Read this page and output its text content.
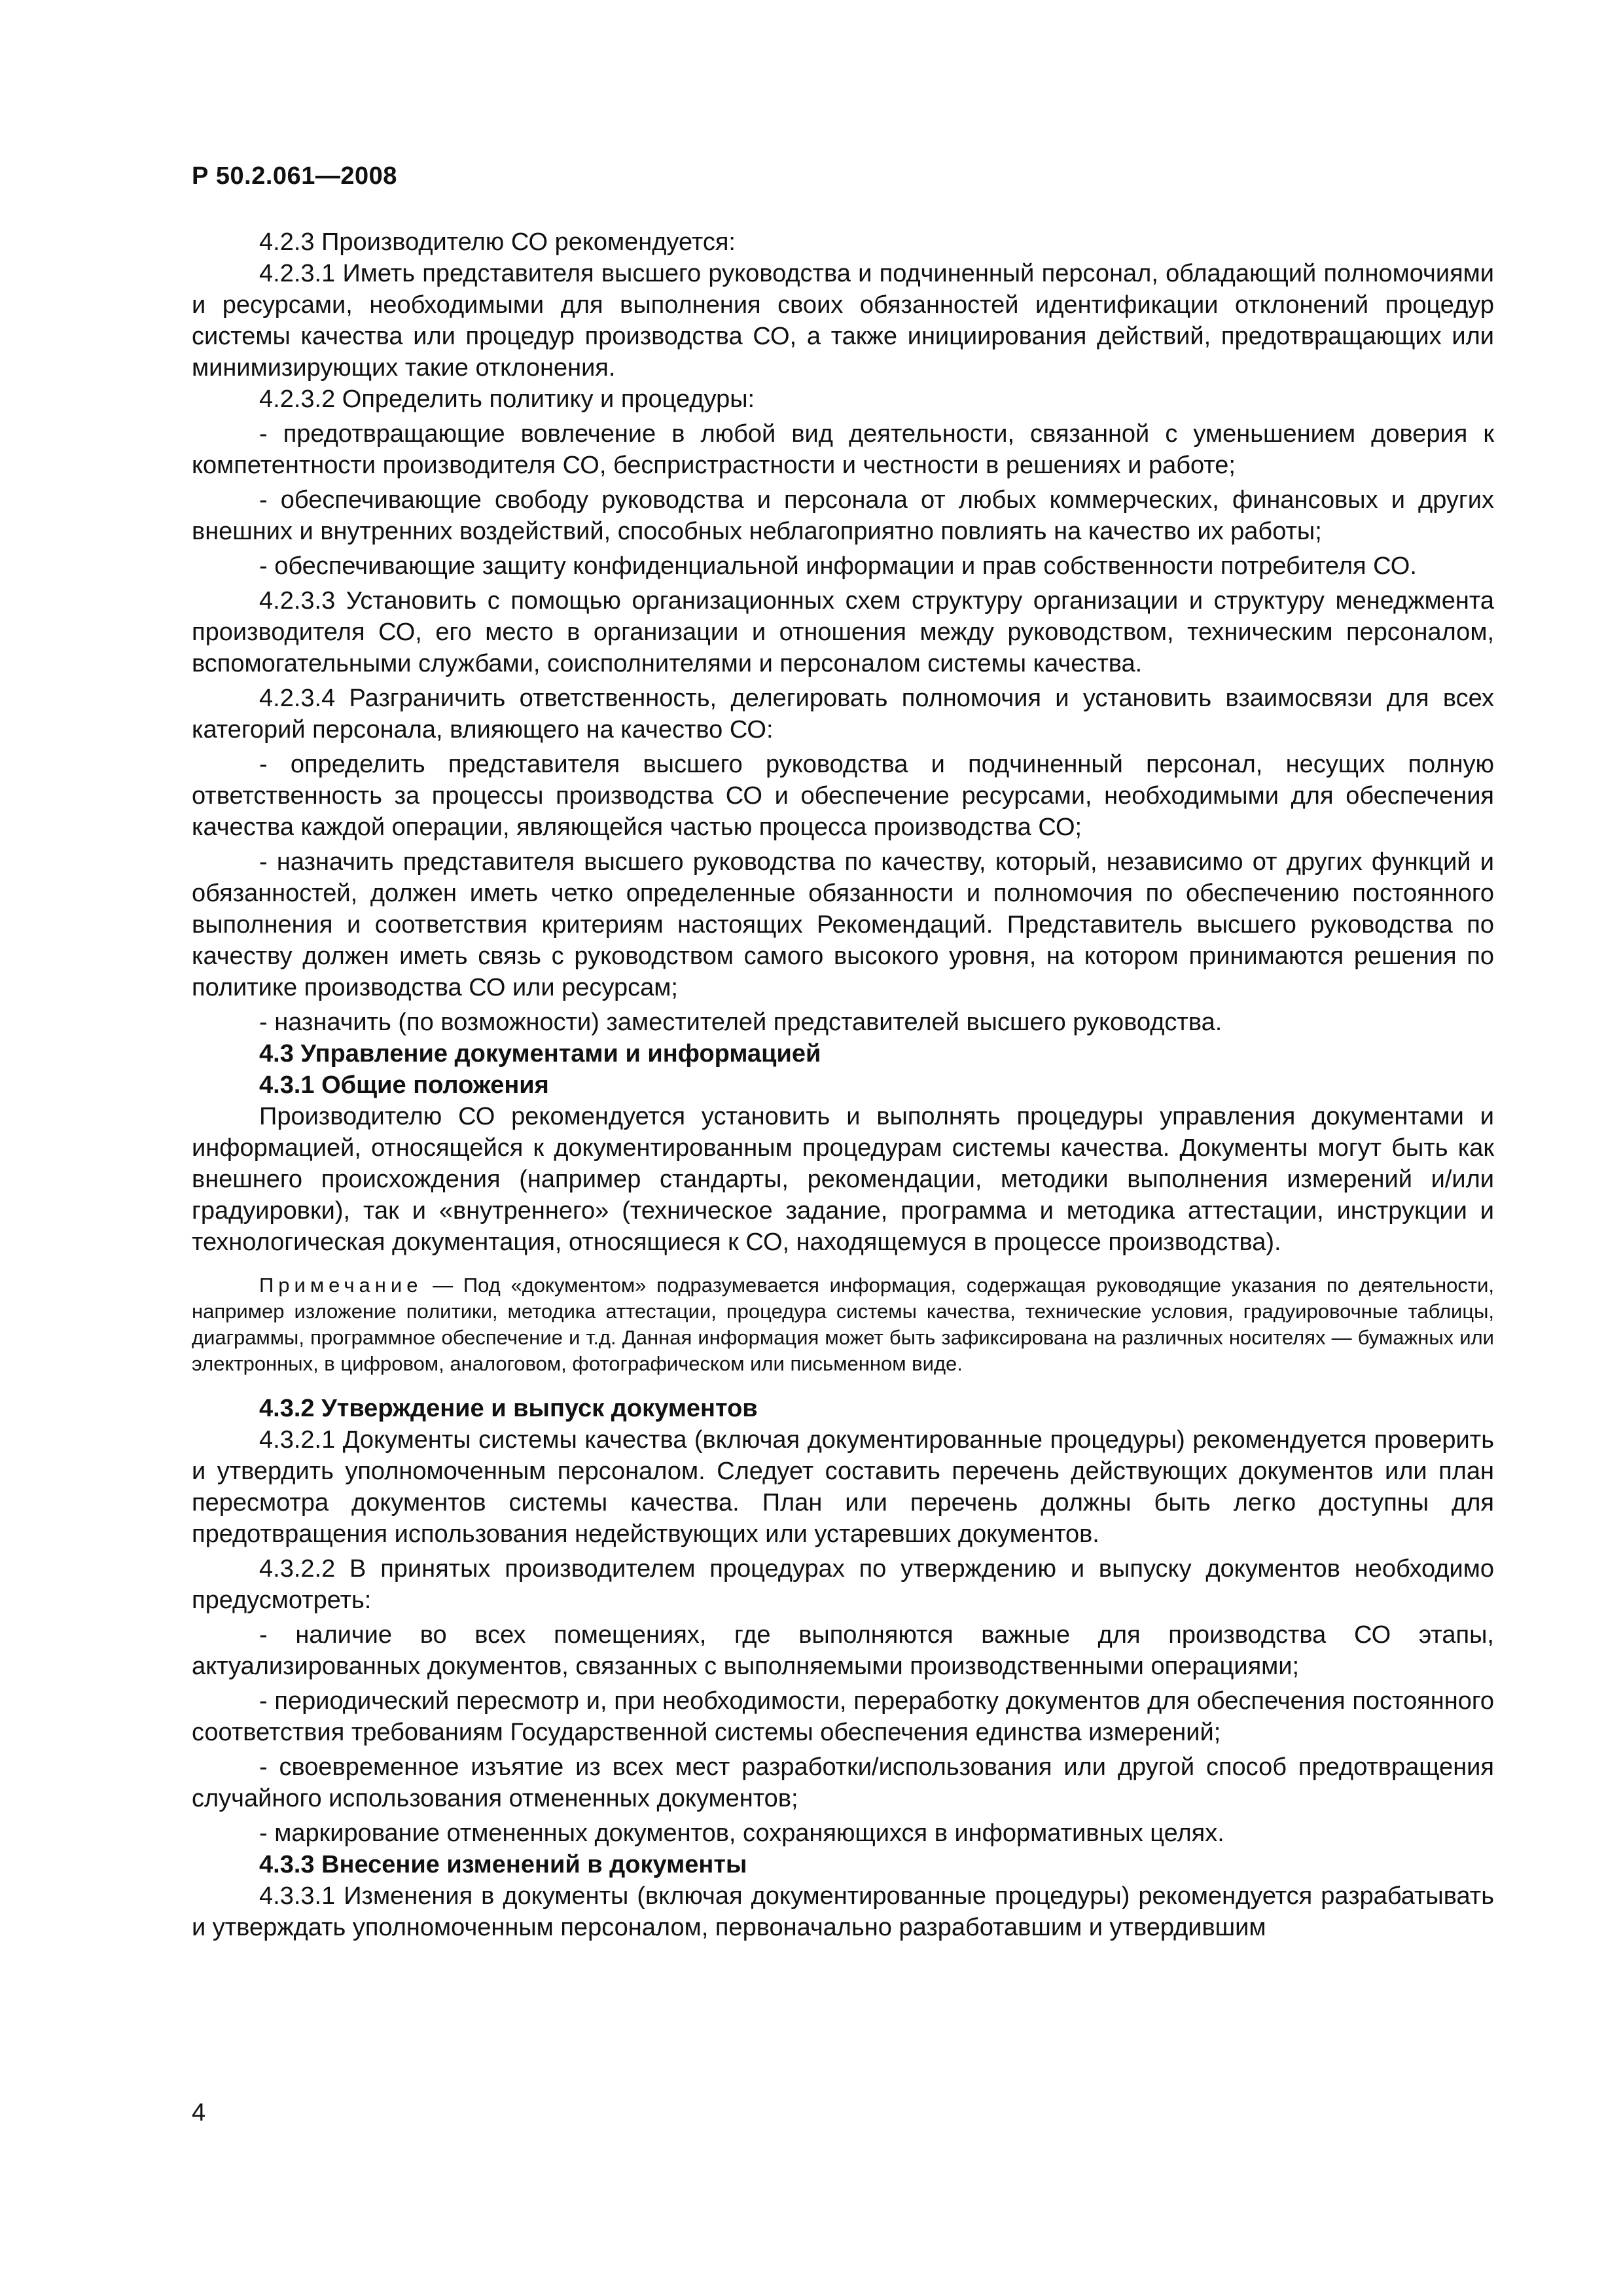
Р 50.2.061—2008

4.2.3 Производителю СО рекомендуется:

4.2.3.1 Иметь представителя высшего руководства и подчиненный персонал, обладающий полномочиями и ресурсами, необходимыми для выполнения своих обязанностей идентификации отклонений процедур системы качества или процедур производства СО, а также инициирования действий, предотвращающих или минимизирующих такие отклонения.

4.2.3.2 Определить политику и процедуры:

- предотвращающие вовлечение в любой вид деятельности, связанной с уменьшением доверия к компетентности производителя СО, беспристрастности и честности в решениях и работе;

- обеспечивающие свободу руководства и персонала от любых коммерческих, финансовых и других внешних и внутренних воздействий, способных неблагоприятно повлиять на качество их работы;

- обеспечивающие защиту конфиденциальной информации и прав собственности потребителя СО.

4.2.3.3 Установить с помощью организационных схем структуру организации и структуру менеджмента производителя СО, его место в организации и отношения между руководством, техническим персоналом, вспомогательными службами, соисполнителями и персоналом системы качества.

4.2.3.4 Разграничить ответственность, делегировать полномочия и установить взаимосвязи для всех категорий персонала, влияющего на качество СО:

- определить представителя высшего руководства и подчиненный персонал, несущих полную ответственность за процессы производства СО и обеспечение ресурсами, необходимыми для обеспечения качества каждой операции, являющейся частью процесса производства СО;

- назначить представителя высшего руководства по качеству, который, независимо от других функций и обязанностей, должен иметь четко определенные обязанности и полномочия по обеспечению постоянного выполнения и соответствия критериям настоящих Рекомендаций. Представитель высшего руководства по качеству должен иметь связь с руководством самого высокого уровня, на котором принимаются решения по политике производства СО или ресурсам;

- назначить (по возможности) заместителей представителей высшего руководства.

4.3 Управление документами и информацией

4.3.1 Общие положения

Производителю СО рекомендуется установить и выполнять процедуры управления документами и информацией, относящейся к документированным процедурам системы качества. Документы могут быть как внешнего происхождения (например стандарты, рекомендации, методики выполнения измерений и/или градуировки), так и «внутреннего» (техническое задание, программа и методика аттестации, инструкции и технологическая документация, относящиеся к СО, находящемуся в процессе производства).

Примечание — Под «документом» подразумевается информация, содержащая руководящие указания по деятельности, например изложение политики, методика аттестации, процедура системы качества, технические условия, градуировочные таблицы, диаграммы, программное обеспечение и т.д. Данная информация может быть зафиксирована на различных носителях — бумажных или электронных, в цифровом, аналоговом, фотографическом или письменном виде.

4.3.2 Утверждение и выпуск документов

4.3.2.1 Документы системы качества (включая документированные процедуры) рекомендуется проверить и утвердить уполномоченным персоналом. Следует составить перечень действующих документов или план пересмотра документов системы качества. План или перечень должны быть легко доступны для предотвращения использования недействующих или устаревших документов.

4.3.2.2 В принятых производителем процедурах по утверждению и выпуску документов необходимо предусмотреть:

- наличие во всех помещениях, где выполняются важные для производства СО этапы, актуализированных документов, связанных с выполняемыми производственными операциями;

- периодический пересмотр и, при необходимости, переработку документов для обеспечения постоянного соответствия требованиям Государственной системы обеспечения единства измерений;

- своевременное изъятие из всех мест разработки/использования или другой способ предотвращения случайного использования отмененных документов;

- маркирование отмененных документов, сохраняющихся в информативных целях.

4.3.3 Внесение изменений в документы

4.3.3.1 Изменения в документы (включая документированные процедуры) рекомендуется разрабатывать и утверждать уполномоченным персоналом, первоначально разработавшим и утвердившим

4
